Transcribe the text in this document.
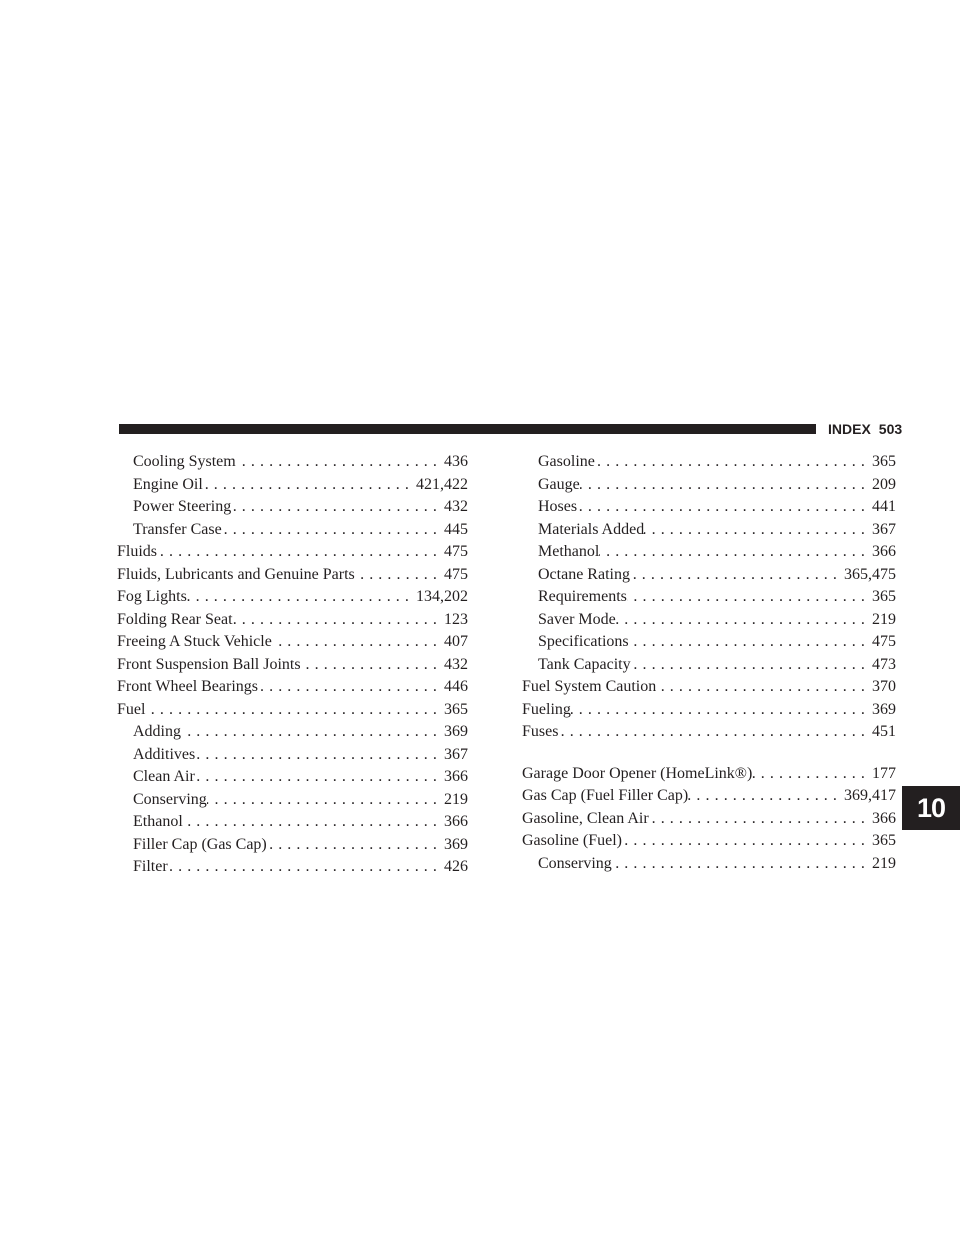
INDEX 503
Cooling System .....	436
Engine Oil .....	421,422
Power Steering .....	432
Transfer Case .....	445
Fluids .....	475
Fluids, Lubricants and Genuine Parts .....	475
Fog Lights .....	134,202
Folding Rear Seat .....	123
Freeing A Stuck Vehicle .....	407
Front Suspension Ball Joints .....	432
Front Wheel Bearings .....	446
Fuel .....	365
Adding .....	369
Additives .....	367
Clean Air .....	366
Conserving .....	219
Ethanol .....	366
Filler Cap (Gas Cap) .....	369
Filter .....	426
Gasoline .....	365
Gauge .....	209
Hoses .....	441
Materials Added .....	367
Methanol .....	366
Octane Rating .....	365,475
Requirements .....	365
Saver Mode .....	219
Specifications .....	475
Tank Capacity .....	473
Fuel System Caution .....	370
Fueling .....	369
Fuses .....	451
Garage Door Opener (HomeLink®) .....	177
Gas Cap (Fuel Filler Cap) .....	369,417
Gasoline, Clean Air .....	366
Gasoline (Fuel) .....	365
Conserving .....	219
10
